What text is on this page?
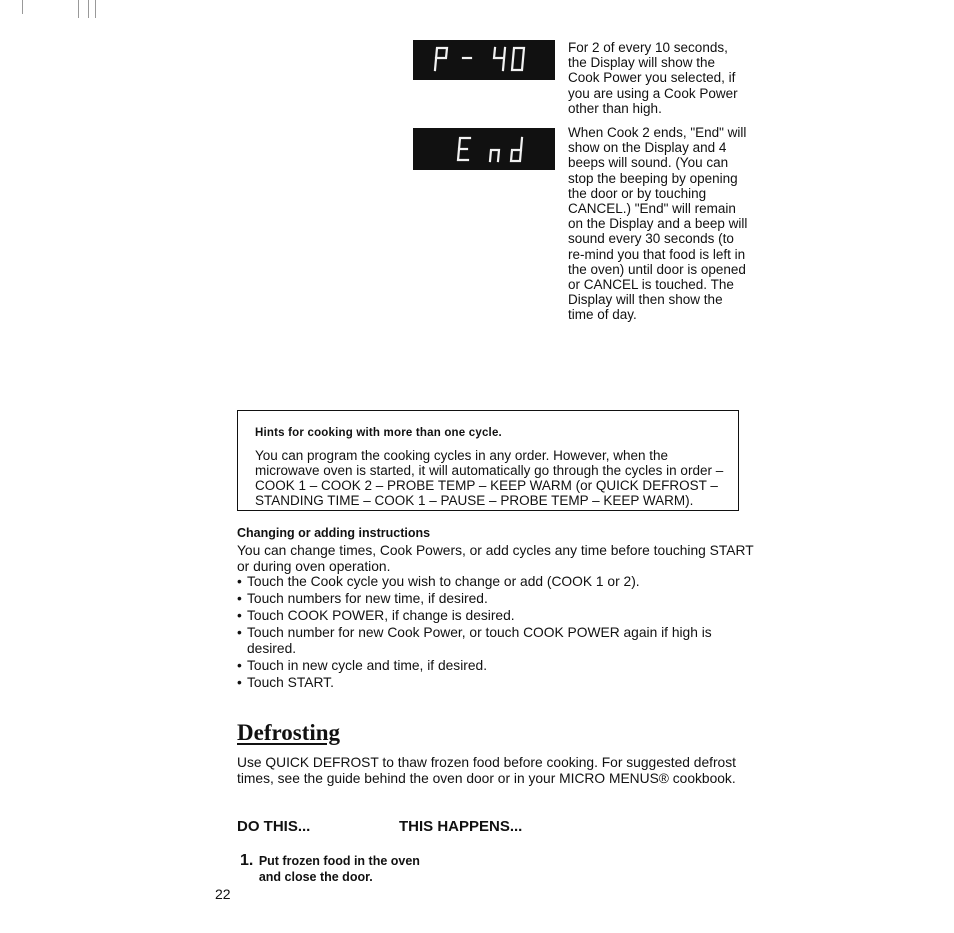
For 2 of every 10 seconds, the Display will show the Cook Power you selected, if you are using a Cook Power other than high.
When Cook 2 ends, "End" will show on the Display and 4 beeps will sound. (You can stop the beeping by opening the door or by touching CANCEL.) "End" will remain on the Display and a beep will sound every 30 seconds (to re-mind you that food is left in the oven) until door is opened or CANCEL is touched. The Display will then show the time of day.

Hints for cooking with more than one cycle.

You can program the cooking cycles in any order. However, when the microwave oven is started, it will automatically go through the cycles in order – COOK 1 – COOK 2 – PROBE TEMP – KEEP WARM (or QUICK DEFROST – STANDING TIME – COOK 1 – PAUSE – PROBE TEMP – KEEP WARM).

Changing or adding instructions
You can change times, Cook Powers, or add cycles any time before touching START or during oven operation.
• Touch the Cook cycle you wish to change or add (COOK 1 or 2).
• Touch numbers for new time, if desired.
• Touch COOK POWER, if change is desired.
• Touch number for new Cook Power, or touch COOK POWER again if high is desired.
• Touch in new cycle and time, if desired.
• Touch START.
Defrosting
Use QUICK DEFROST to thaw frozen food before cooking. For suggested defrost times, see the guide behind the oven door or in your MICRO MENUS® cookbook.
DO THIS...	THIS HAPPENS...
1. Put frozen food in the oven and close the door.
22
